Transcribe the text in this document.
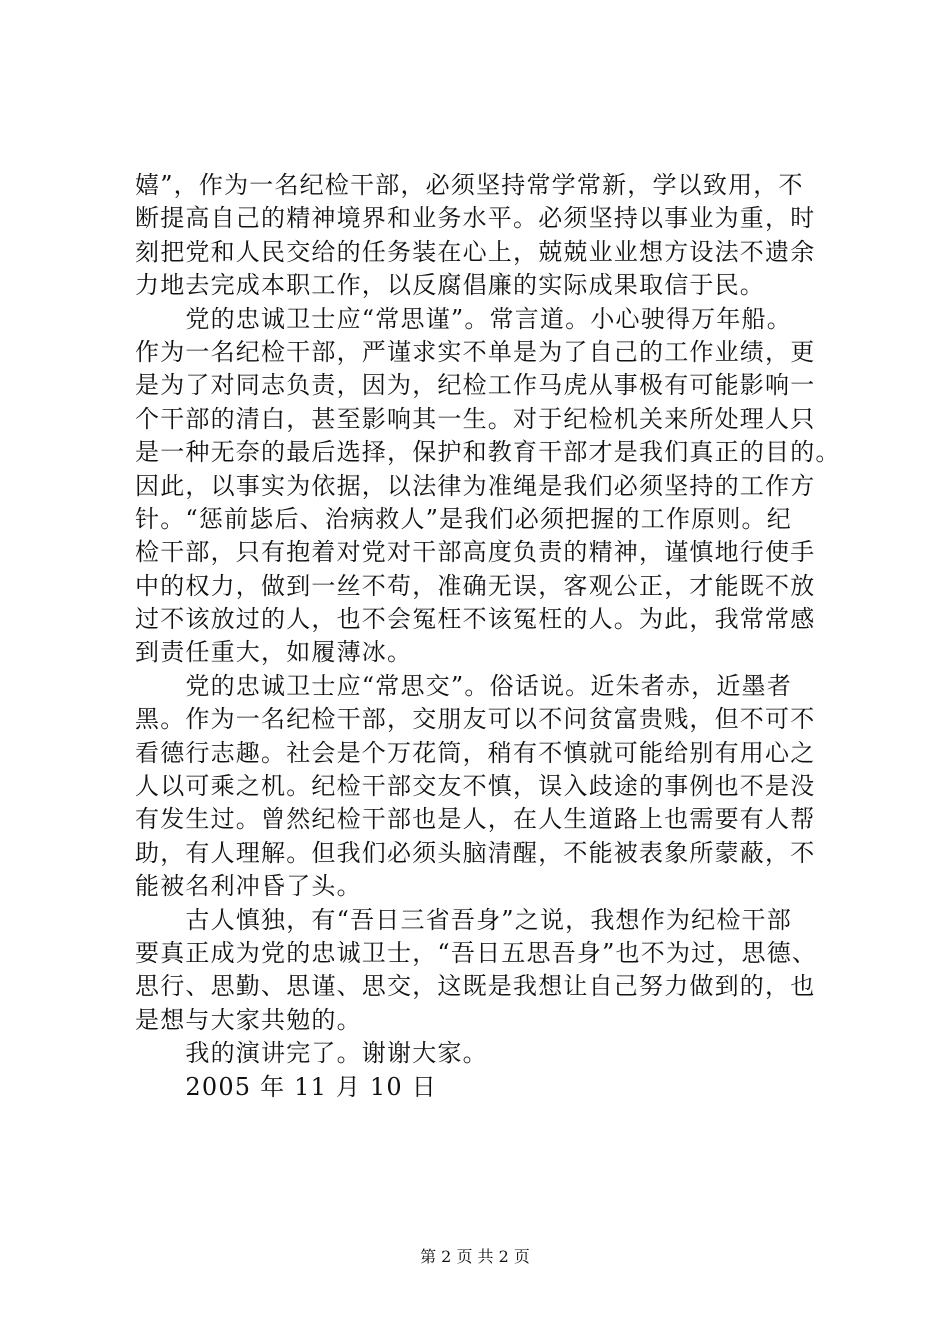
嬉”，作为一名纪检干部，必须坚持常学常新，学以致用，不
断提高自己的精神境界和业务水平。必须坚持以事业为重，时
刻把党和人民交给的任务装在心上，兢兢业业想方设法不遗余
力地去完成本职工作，以反腐倡廉的实际成果取信于民。
　　党的忠诚卫士应“常思谨”。常言道。小心驶得万年船。
作为一名纪检干部，严谨求实不单是为了自己的工作业绩，更
是为了对同志负责，因为，纪检工作马虎从事极有可能影响一
个干部的清白，甚至影响其一生。对于纪检机关来所处理人只
是一种无奈的最后选择，保护和教育干部才是我们真正的目的。
因此，以事实为依据，以法律为准绳是我们必须坚持的工作方
针。“惩前毖后、治病救人”是我们必须把握的工作原则。纪
检干部，只有抱着对党对干部高度负责的精神，谨慎地行使手
中的权力，做到一丝不苟，准确无误，客观公正，才能既不放
过不该放过的人，也不会冤枉不该冤枉的人。为此，我常常感
到责任重大，如履薄冰。
　　党的忠诚卫士应“常思交”。俗话说。近朱者赤，近墨者
黑。作为一名纪检干部，交朋友可以不问贫富贵贱，但不可不
看德行志趣。社会是个万花筒，稍有不慎就可能给别有用心之
人以可乘之机。纪检干部交友不慎，误入歧途的事例也不是没
有发生过。曾然纪检干部也是人，在人生道路上也需要有人帮
助，有人理解。但我们必须头脑清醒，不能被表象所蒙蔽，不
能被名利冲昏了头。
　　古人慎独，有“吾日三省吾身”之说，我想作为纪检干部
要真正成为党的忠诚卫士，“吾日五思吾身”也不为过，思德、
思行、思勤、思谨、思交，这既是我想让自己努力做到的，也
是想与大家共勉的。
　　我的演讲完了。谢谢大家。
　　2005 年 11 月 10 日
第 2 页 共 2 页
